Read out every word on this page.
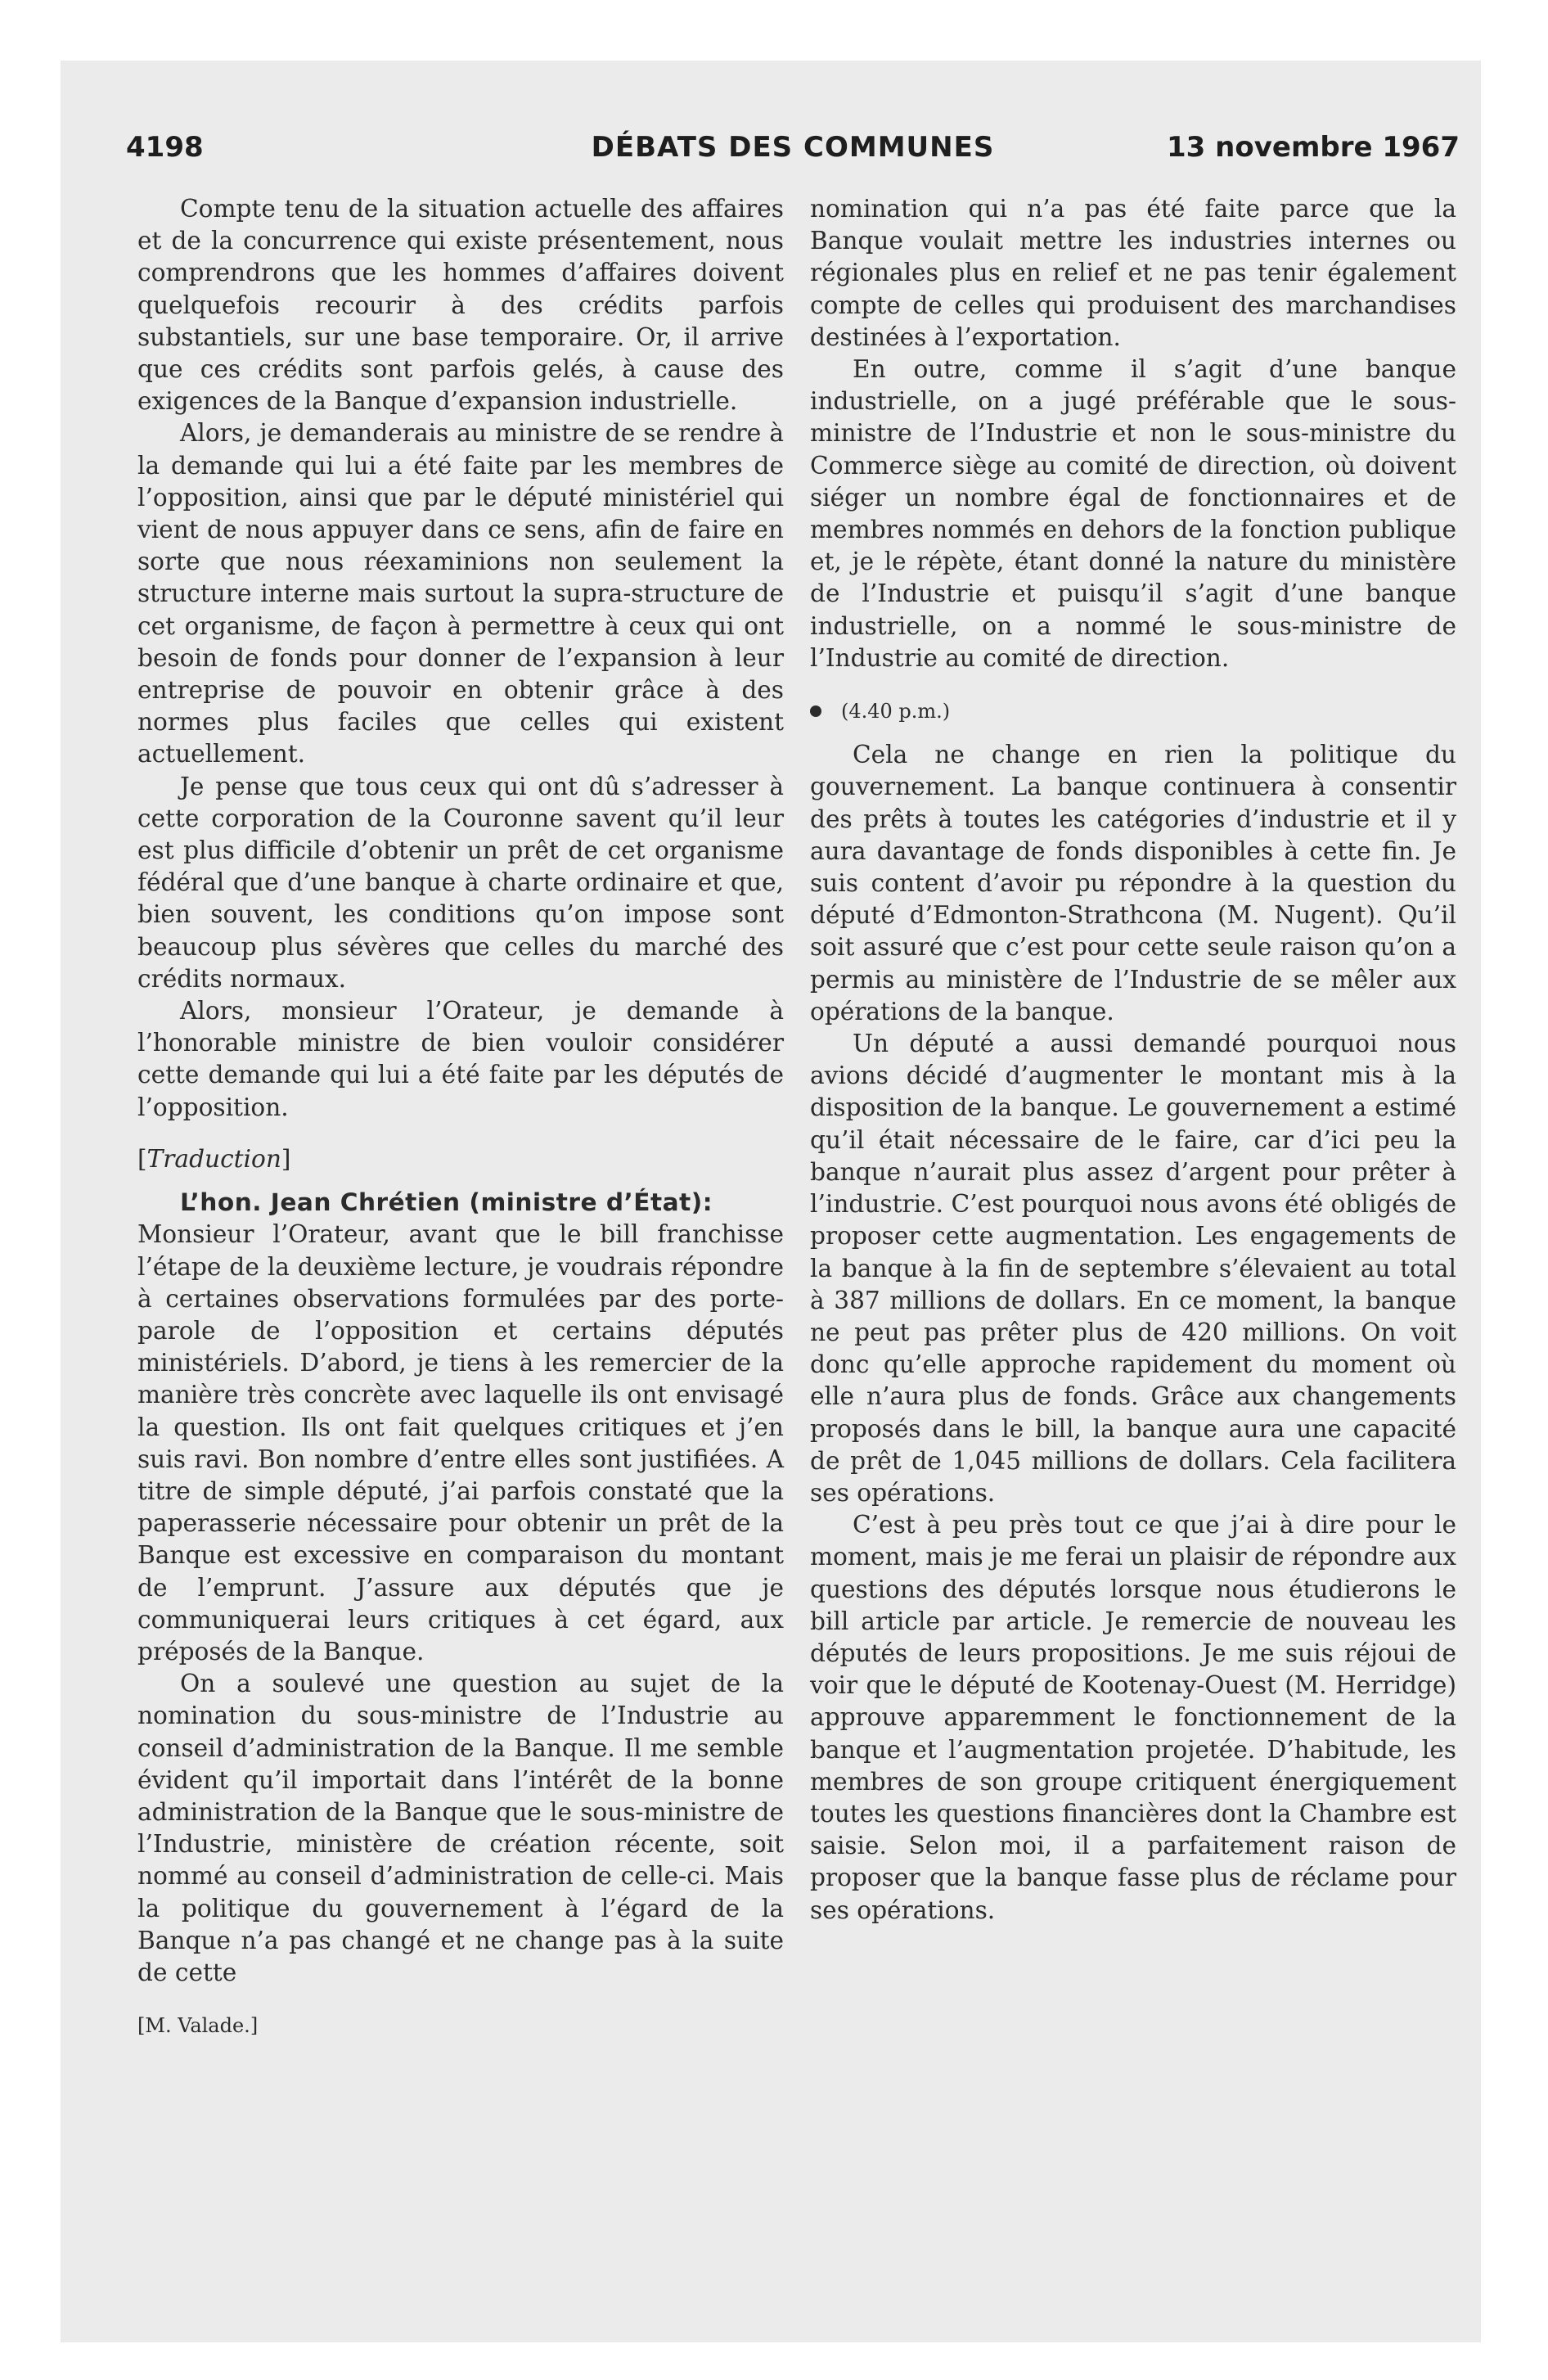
4198	DÉBATS DES COMMUNES	13 novembre 1967

Compte tenu de la situation actuelle des affaires et de la concurrence qui existe présentement, nous comprendrons que les hommes d’affaires doivent quelquefois recourir à des crédits parfois substantiels, sur une base temporaire. Or, il arrive que ces crédits sont parfois gelés, à cause des exigences de la Banque d’expansion industrielle.

Alors, je demanderais au ministre de se rendre à la demande qui lui a été faite par les membres de l’opposition, ainsi que par le député ministériel qui vient de nous appuyer dans ce sens, afin de faire en sorte que nous réexaminions non seulement la structure interne mais surtout la supra-structure de cet organisme, de façon à permettre à ceux qui ont besoin de fonds pour donner de l’expansion à leur entreprise de pouvoir en obtenir grâce à des normes plus faciles que celles qui existent actuellement.

Je pense que tous ceux qui ont dû s’adresser à cette corporation de la Couronne savent qu’il leur est plus difficile d’obtenir un prêt de cet organisme fédéral que d’une banque à charte ordinaire et que, bien souvent, les conditions qu’on impose sont beaucoup plus sévères que celles du marché des crédits normaux.

Alors, monsieur l’Orateur, je demande à l’honorable ministre de bien vouloir considérer cette demande qui lui a été faite par les députés de l’opposition.

[Traduction]

L’hon. Jean Chrétien (ministre d’État):

Monsieur l’Orateur, avant que le bill franchisse l’étape de la deuxième lecture, je voudrais répondre à certaines observations formulées par des porte-parole de l’opposition et certains députés ministériels. D’abord, je tiens à les remercier de la manière très concrète avec laquelle ils ont envisagé la question. Ils ont fait quelques critiques et j’en suis ravi. Bon nombre d’entre elles sont justifiées. A titre de simple député, j’ai parfois constaté que la paperasserie nécessaire pour obtenir un prêt de la Banque est excessive en comparaison du montant de l’emprunt. J’assure aux députés que je communiquerai leurs critiques à cet égard, aux préposés de la Banque.

On a soulevé une question au sujet de la nomination du sous-ministre de l’Industrie au conseil d’administration de la Banque. Il me semble évident qu’il importait dans l’intérêt de la bonne administration de la Banque que le sous-ministre de l’Industrie, ministère de création récente, soit nommé au conseil d’administration de celle-ci. Mais la politique du gouvernement à l’égard de la Banque n’a pas changé et ne change pas à la suite de cette

[M. Valade.]

nomination qui n’a pas été faite parce que la Banque voulait mettre les industries internes ou régionales plus en relief et ne pas tenir également compte de celles qui produisent des marchandises destinées à l’exportation.

En outre, comme il s’agit d’une banque industrielle, on a jugé préférable que le sous-ministre de l’Industrie et non le sous-ministre du Commerce siège au comité de direction, où doivent siéger un nombre égal de fonctionnaires et de membres nommés en dehors de la fonction publique et, je le répète, étant donné la nature du ministère de l’Industrie et puisqu’il s’agit d’une banque industrielle, on a nommé le sous-ministre de l’Industrie au comité de direction.

(4.40 p.m.)

Cela ne change en rien la politique du gouvernement. La banque continuera à consentir des prêts à toutes les catégories d’industrie et il y aura davantage de fonds disponibles à cette fin. Je suis content d’avoir pu répondre à la question du député d’Edmonton-Strathcona (M. Nugent). Qu’il soit assuré que c’est pour cette seule raison qu’on a permis au ministère de l’Industrie de se mêler aux opérations de la banque.

Un député a aussi demandé pourquoi nous avions décidé d’augmenter le montant mis à la disposition de la banque. Le gouvernement a estimé qu’il était nécessaire de le faire, car d’ici peu la banque n’aurait plus assez d’argent pour prêter à l’industrie. C’est pourquoi nous avons été obligés de proposer cette augmentation. Les engagements de la banque à la fin de septembre s’élevaient au total à 387 millions de dollars. En ce moment, la banque ne peut pas prêter plus de 420 millions. On voit donc qu’elle approche rapidement du moment où elle n’aura plus de fonds. Grâce aux changements proposés dans le bill, la banque aura une capacité de prêt de 1,045 millions de dollars. Cela facilitera ses opérations.

C’est à peu près tout ce que j’ai à dire pour le moment, mais je me ferai un plaisir de répondre aux questions des députés lorsque nous étudierons le bill article par article. Je remercie de nouveau les députés de leurs propositions. Je me suis réjoui de voir que le député de Kootenay-Ouest (M. Herridge) approuve apparemment le fonctionnement de la banque et l’augmentation projetée. D’habitude, les membres de son groupe critiquent énergiquement toutes les questions financières dont la Chambre est saisie. Selon moi, il a parfaitement raison de proposer que la banque fasse plus de réclame pour ses opérations.
